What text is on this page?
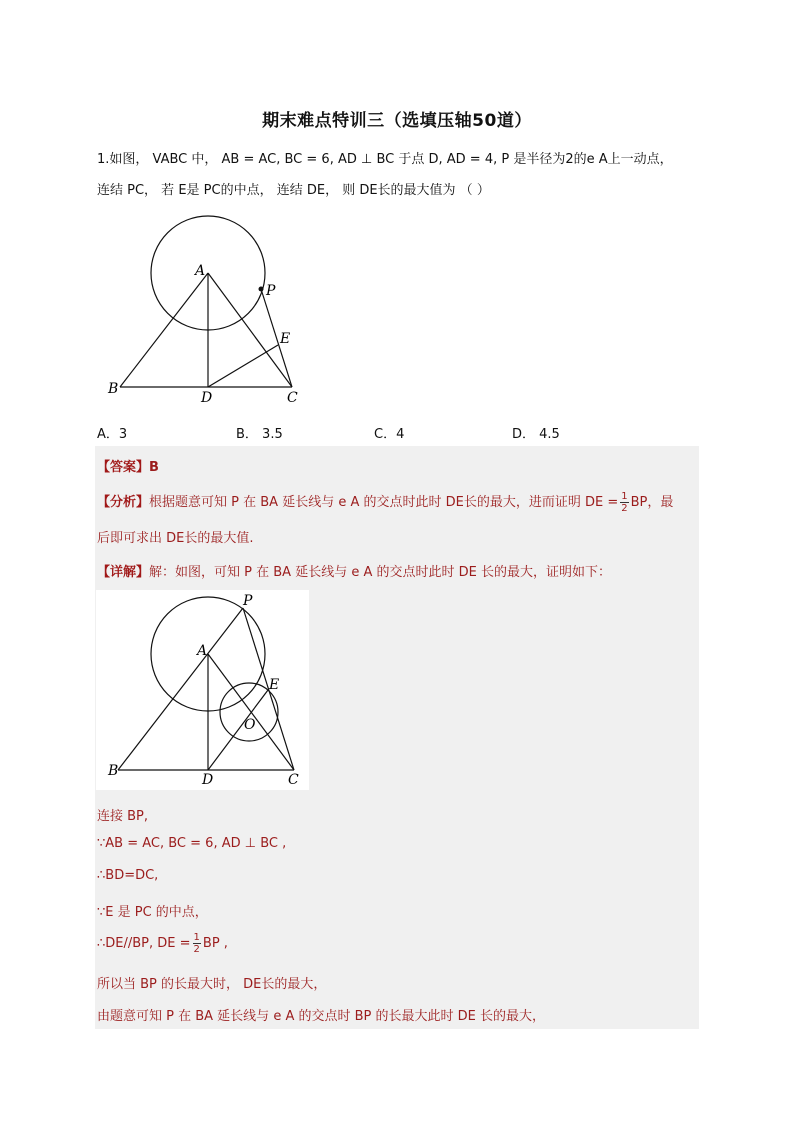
期末难点特训三（选填压轴50道）
1.如图， VABC 中， AB = AC, BC = 6, AD ⊥ BC 于点 D, AD = 4, P 是半径为2的e A上一动点，
连结 PC， 若 E是 PC的中点， 连结 DE， 则 DE长的最大值为 （ ）
A
B
C
D
E
P
A．3	B． 3.5	C．4	D． 4.5
【答案】B
【分析】根据题意可知 P 在 BA 延长线与 e A 的交点时此时 DE长的最大，进而证明 DE = $\frac{1}{2}$ BP，最
后即可求出 DE长的最大值.
【详解】解：如图，可知 P 在 BA 延长线与 e A 的交点时此时 DE 长的最大，证明如下：
A
B
C
D
E
O
P
连接 BP,
∵AB = AC, BC = 6, AD ⊥ BC ,
∴BD=DC,
∵E 是 PC 的中点，
∴DE//BP, DE = $\frac{1}{2}$ BP ,
所以当 BP 的长最大时， DE长的最大，
由题意可知 P 在 BA 延长线与 e A 的交点时 BP 的长最大此时 DE 长的最大，
